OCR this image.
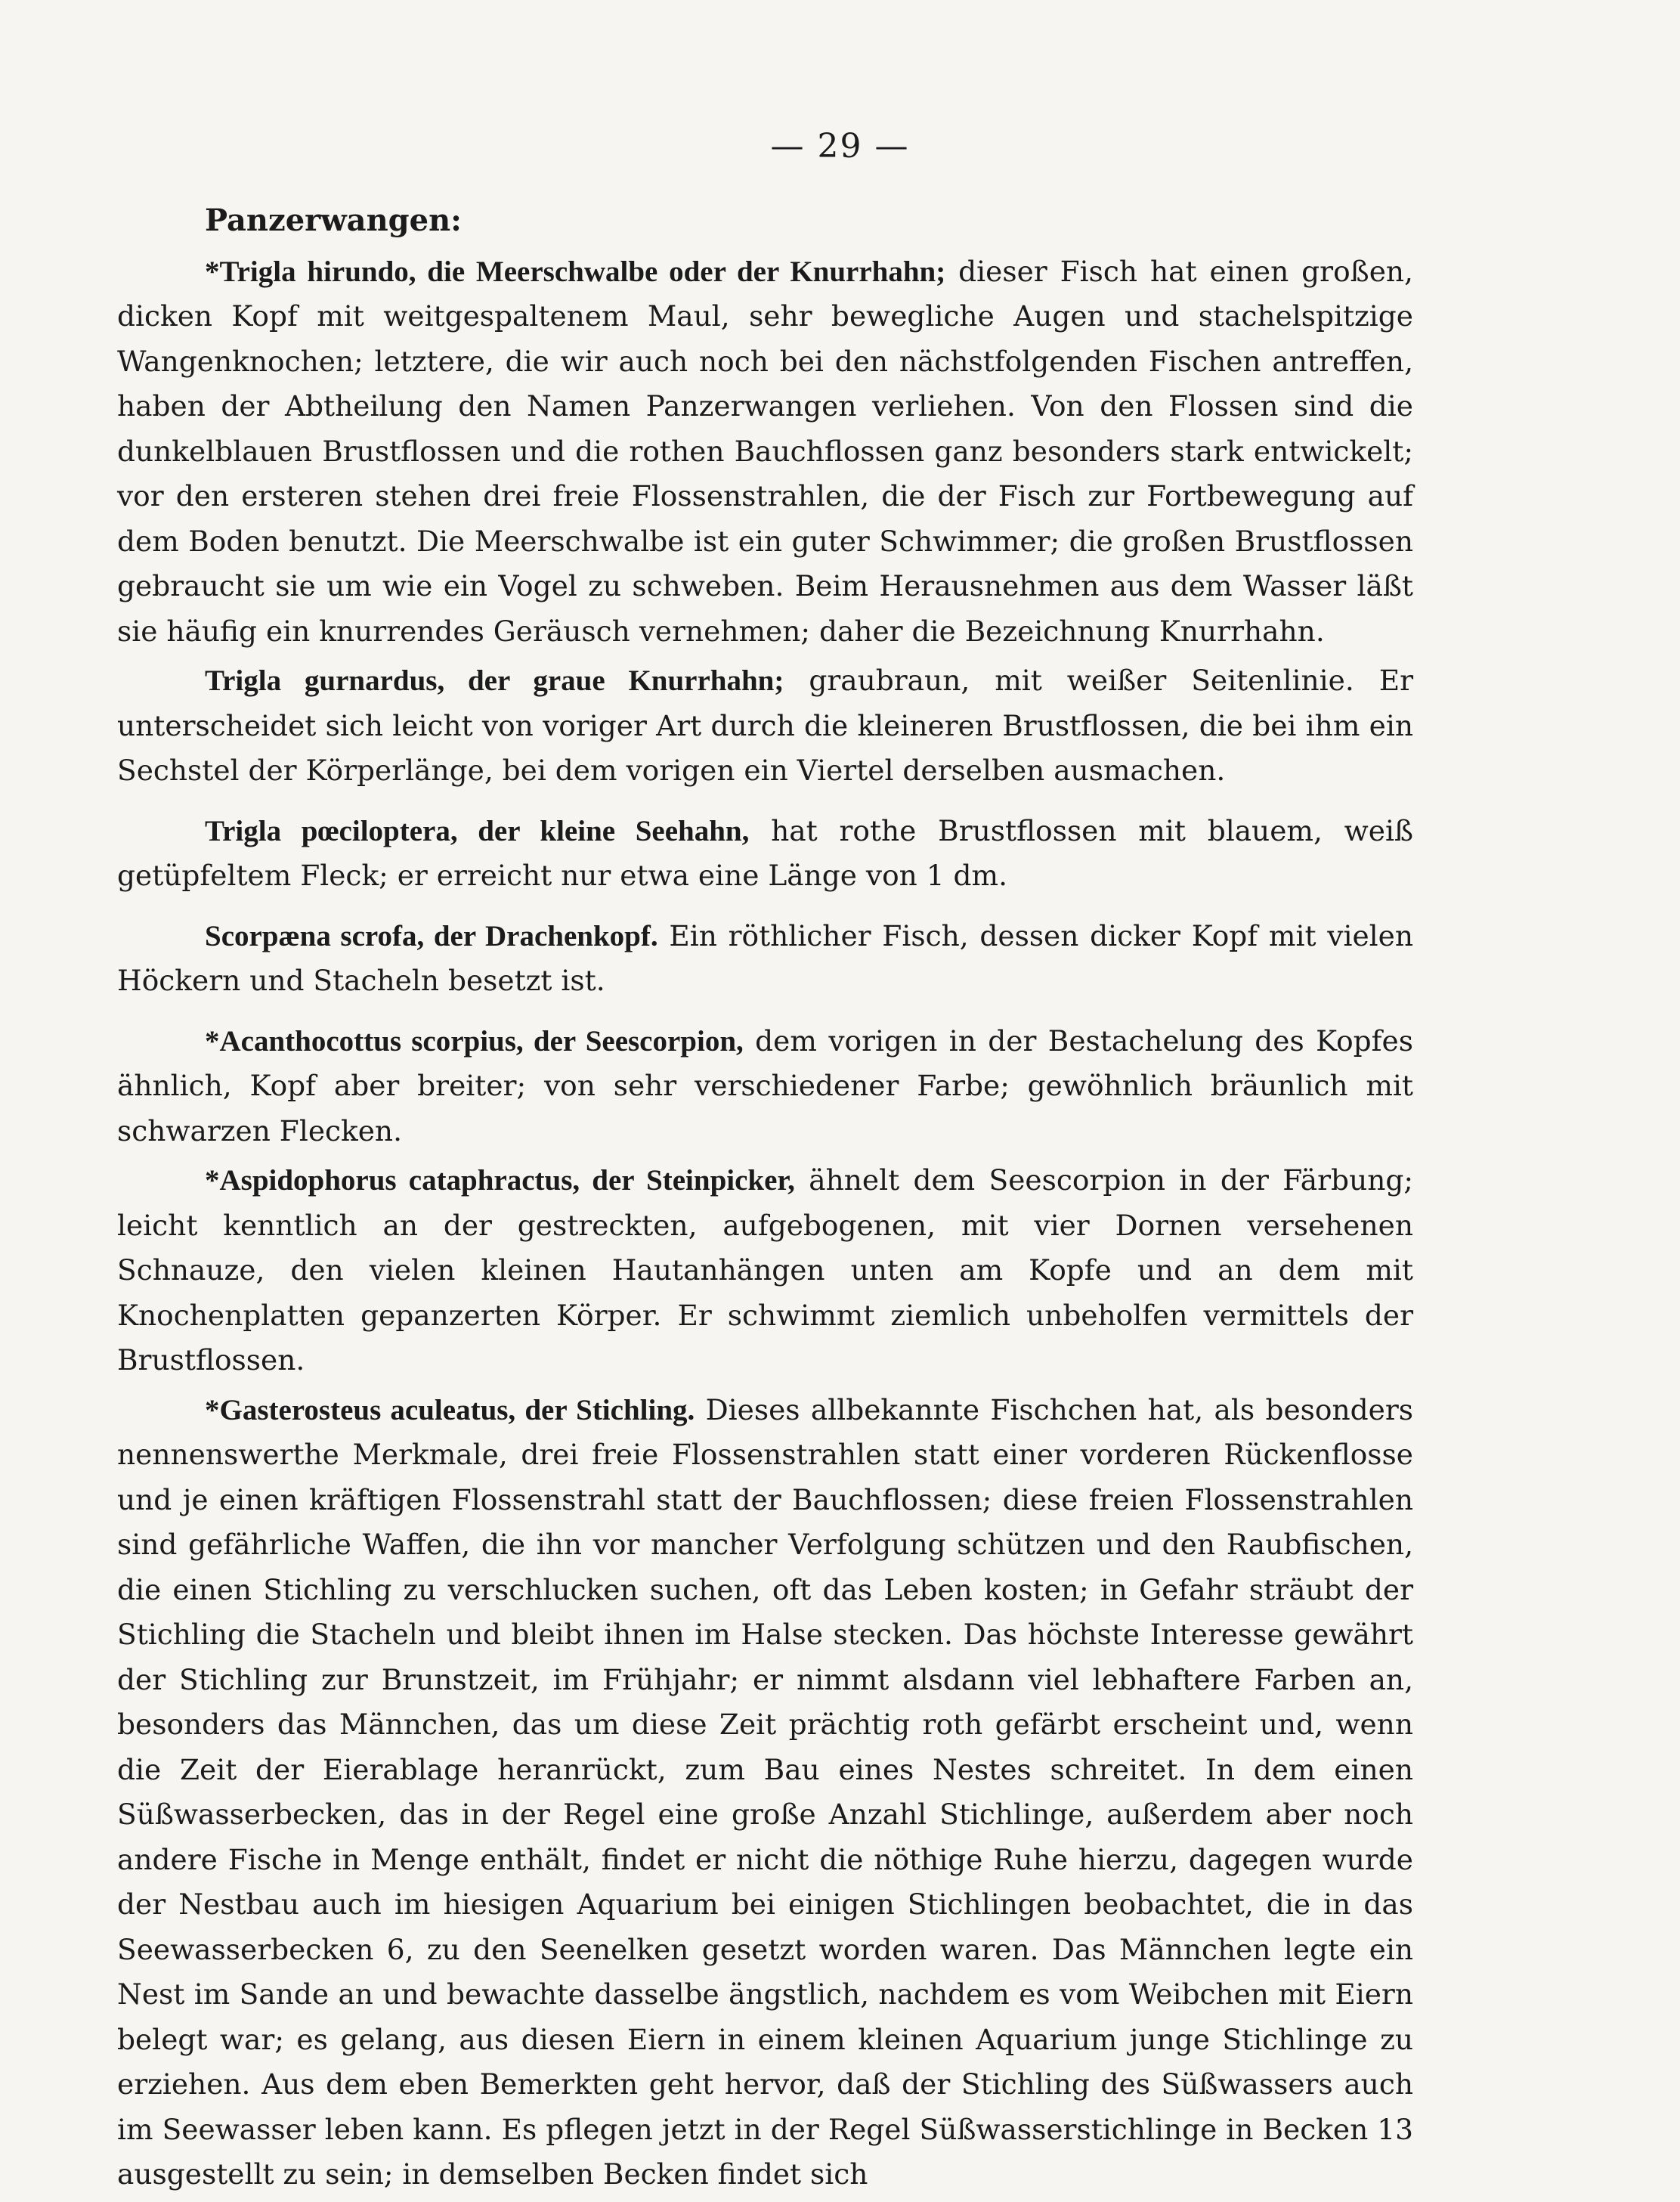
— 29 —
Panzerwangen:

*Trigla hirundo, die Meerschwalbe oder der Knurrhahn; dieser Fisch hat einen großen, dicken Kopf mit weitgespaltenem Maul, sehr bewegliche Augen und stachelspitzige Wangenknochen; letztere, die wir auch noch bei den nächstfolgenden Fischen antreffen, haben der Abtheilung den Namen Panzerwangen verliehen. Von den Flossen sind die dunkelblauen Brustflossen und die rothen Bauchflossen ganz besonders stark entwickelt; vor den ersteren stehen drei freie Flossenstrahlen, die der Fisch zur Fortbewegung auf dem Boden benutzt. Die Meerschwalbe ist ein guter Schwimmer; die großen Brustflossen gebraucht sie um wie ein Vogel zu schweben. Beim Herausnehmen aus dem Wasser läßt sie häufig ein knurrendes Geräusch vernehmen; daher die Bezeichnung Knurrhahn.

Trigla gurnardus, der graue Knurrhahn; graubraun, mit weißer Seitenlinie. Er unterscheidet sich leicht von voriger Art durch die kleineren Brustflossen, die bei ihm ein Sechstel der Körperlänge, bei dem vorigen ein Viertel derselben ausmachen.

Trigla pœciloptera, der kleine Seehahn, hat rothe Brustflossen mit blauem, weiß getüpfeltem Fleck; er erreicht nur etwa eine Länge von 1 dm.

Scorpæna scrofa, der Drachenkopf. Ein röthlicher Fisch, dessen dicker Kopf mit vielen Höckern und Stacheln besetzt ist.

*Acanthocottus scorpius, der Seescorpion, dem vorigen in der Bestachelung des Kopfes ähnlich, Kopf aber breiter; von sehr verschiedener Farbe; gewöhnlich bräunlich mit schwarzen Flecken.

*Aspidophorus cataphractus, der Steinpicker, ähnelt dem Seescorpion in der Färbung; leicht kenntlich an der gestreckten, aufgebogenen, mit vier Dornen versehenen Schnauze, den vielen kleinen Hautanhängen unten am Kopfe und an dem mit Knochenplatten gepanzerten Körper. Er schwimmt ziemlich unbeholfen vermittels der Brustflossen.

*Gasterosteus aculeatus, der Stichling. Dieses allbekannte Fischchen hat, als besonders nennenswerthe Merkmale, drei freie Flossenstrahlen statt einer vorderen Rückenflosse und je einen kräftigen Flossenstrahl statt der Bauchflossen; diese freien Flossenstrahlen sind gefährliche Waffen, die ihn vor mancher Verfolgung schützen und den Raubfischen, die einen Stichling zu verschlucken suchen, oft das Leben kosten; in Gefahr sträubt der Stichling die Stacheln und bleibt ihnen im Halse stecken. Das höchste Interesse gewährt der Stichling zur Brunstzeit, im Frühjahr; er nimmt alsdann viel lebhaftere Farben an, besonders das Männchen, das um diese Zeit prächtig roth gefärbt erscheint und, wenn die Zeit der Eierablage heranrückt, zum Bau eines Nestes schreitet. In dem einen Süßwasserbecken, das in der Regel eine große Anzahl Stichlinge, außerdem aber noch andere Fische in Menge enthält, findet er nicht die nöthige Ruhe hierzu, dagegen wurde der Nestbau auch im hiesigen Aquarium bei einigen Stichlingen beobachtet, die in das Seewasserbecken 6, zu den Seenelken gesetzt worden waren. Das Männchen legte ein Nest im Sande an und bewachte dasselbe ängstlich, nachdem es vom Weibchen mit Eiern belegt war; es gelang, aus diesen Eiern in einem kleinen Aquarium junge Stichlinge zu erziehen. Aus dem eben Bemerkten geht hervor, daß der Stichling des Süßwassers auch im Seewasser leben kann. Es pflegen jetzt in der Regel Süßwasserstichlinge in Becken 13 ausgestellt zu sein; in demselben Becken findet sich
